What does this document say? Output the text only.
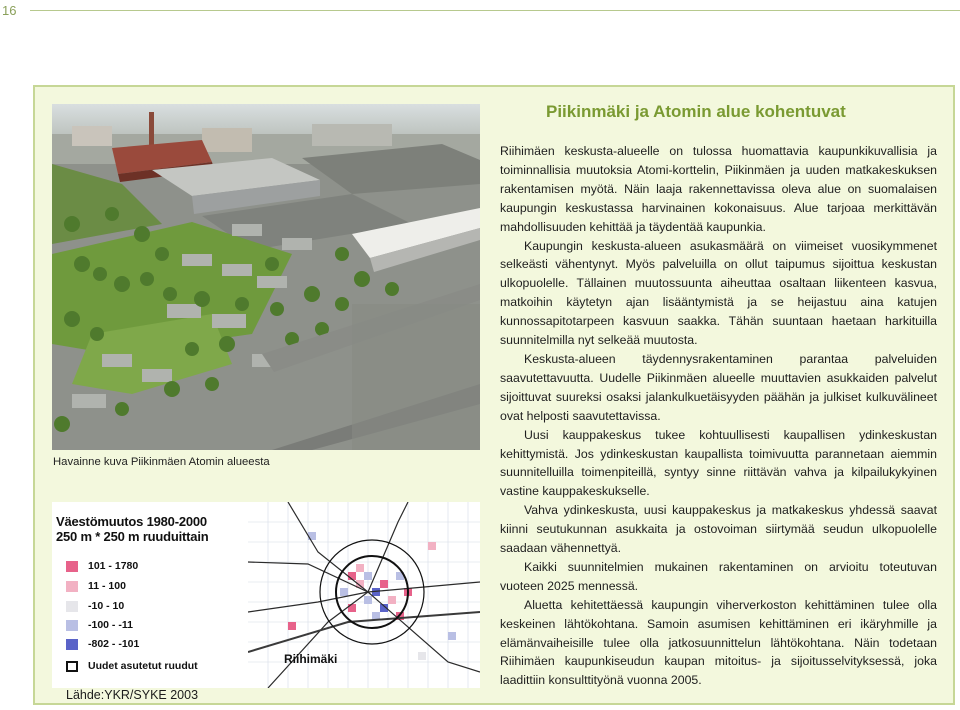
16
Havainne kuva Piikinmäen Atomin alueesta
Väestömuutos 1980-2000
250 m * 250 m ruuduittain
101 - 1780
11 - 100
-10 - 10
-100 - -11
-802 - -101
Uudet asutetut ruudut
Riihimäki
Lähde:YKR/SYKE 2003
Piikinmäki ja Atomin alue kohentuvat

Riihimäen keskusta-alueelle on tulossa huomattavia kaupunkikuvallisia ja toiminnallisia muutoksia Atomi-korttelin, Piikinmäen ja uuden matkakeskuksen rakentamisen myötä. Näin laaja rakennettavissa oleva alue on suomalaisen kaupungin keskustassa harvinainen kokonaisuus. Alue tarjoaa merkittävän mahdollisuuden kehittää ja täydentää kaupunkia.

Kaupungin keskusta-alueen asukasmäärä on viimeiset vuosikymmenet selkeästi vähentynyt. Myös palveluilla on ollut taipumus sijoittua keskustan ulkopuolelle. Tällainen muutossuunta aiheuttaa osaltaan liikenteen kasvua, matkoihin käytetyn ajan lisääntymistä ja se heijastuu aina katujen kunnossapitotarpeen kasvuun saakka. Tähän suuntaan haetaan harkituilla suunnitelmilla nyt selkeää muutosta.

Keskusta-alueen täydennysrakentaminen parantaa palveluiden saavutettavuutta. Uudelle Piikinmäen alueelle muuttavien asukkaiden palvelut sijoittuvat suureksi osaksi jalankulkuetäisyyden päähän ja julkiset kulkuvälineet ovat helposti saavutettavissa.

Uusi kauppakeskus tukee kohtuullisesti kaupallisen ydinkeskustan kehittymistä. Jos ydinkeskustan kaupallista toimivuutta parannetaan aiemmin suunnitelluilla toimenpiteillä, syntyy sinne riittävän vahva ja kilpailukykyinen vastine kauppakeskukselle.

Vahva ydinkeskusta, uusi kauppakeskus ja matkakeskus yhdessä saavat kiinni seutukunnan asukkaita ja ostovoiman siirtymää seudun ulkopuolelle saadaan vähennettyä.

Kaikki suunnitelmien mukainen rakentaminen on arvioitu toteutuvan vuoteen 2025 mennessä.

Aluetta kehitettäessä kaupungin viherverkoston kehittäminen tulee olla keskeinen lähtökohtana. Samoin asumisen kehittäminen eri ikäryhmille ja elämänvaiheisille tulee olla jatkosuunnittelun lähtökohtana. Näin todetaan Riihimäen kaupunkiseudun kaupan mitoitus- ja sijoitusselvityksessä, joka laadittiin konsulttityönä vuonna 2005.
